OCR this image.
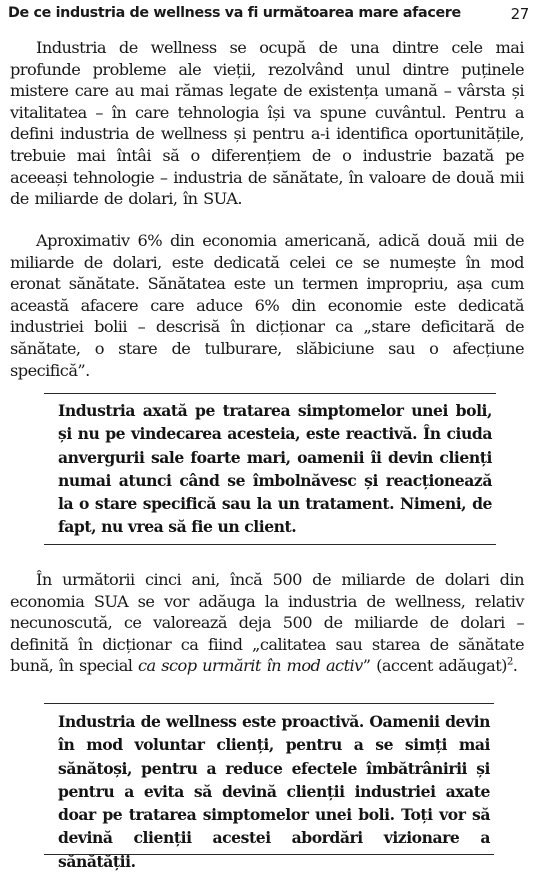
De ce industria de wellness va fi următoarea mare afacere	27

Industria de wellness se ocupă de una dintre cele mai profunde probleme ale vieții, rezolvând unul dintre puținele mistere care au mai rămas legate de existența umană – vârsta și vitalitatea – în care tehnologia își va spune cuvântul. Pentru a defini industria de wellness și pentru a-i identifica oportunitățile, trebuie mai întâi să o diferențiem de o industrie bazată pe aceeași tehnologie – industria de sănătate, în valoare de două mii de miliarde de dolari, în SUA.

Aproximativ 6% din economia americană, adică două mii de miliarde de dolari, este dedicată celei ce se numește în mod eronat sănătate. Sănătatea este un termen impropriu, așa cum această afacere care aduce 6% din economie este dedicată industriei bolii – descrisă în dicționar ca „stare deficitară de sănătate, o stare de tulburare, slăbiciune sau o afecțiune specifică”.

Industria axată pe tratarea simptomelor unei boli, și nu pe vindecarea acesteia, este reactivă. În ciuda anvergurii sale foarte mari, oamenii îi devin clienți numai atunci când se îmbolnăvesc și reacționează la o stare specifică sau la un tratament. Nimeni, de fapt, nu vrea să fie un client.

În următorii cinci ani, încă 500 de miliarde de dolari din economia SUA se vor adăuga la industria de wellness, relativ necunoscută, ce valorează deja 500 de miliarde de dolari – definită în dicționar ca fiind „calitatea sau starea de sănătate bună, în special ca scop urmărit în mod activ” (accent adăugat)$^2$.

Industria de wellness este proactivă. Oamenii devin în mod voluntar clienți, pentru a se simți mai sănătoși, pentru a reduce efectele îmbătrânirii și pentru a evita să devină clienții industriei axate doar pe tratarea simptomelor unei boli. Toți vor să devină clienții acestei abordări vizionare a sănătății.
